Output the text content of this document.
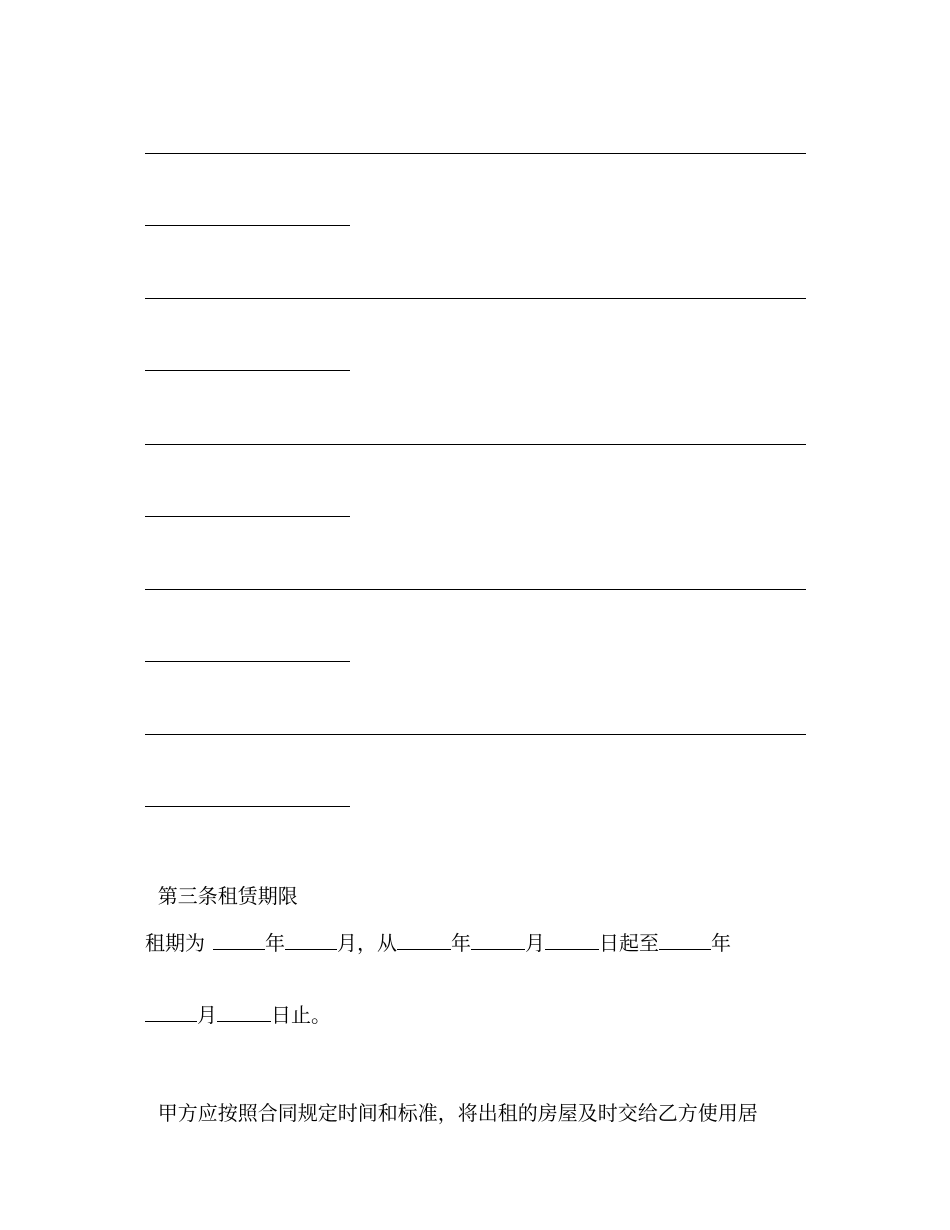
第三条租赁期限

租期为	年	月，从	年	月	日起至	年
月	日止。

甲方应按照合同规定时间和标准，将出租的房屋及时交给乙方使用居
